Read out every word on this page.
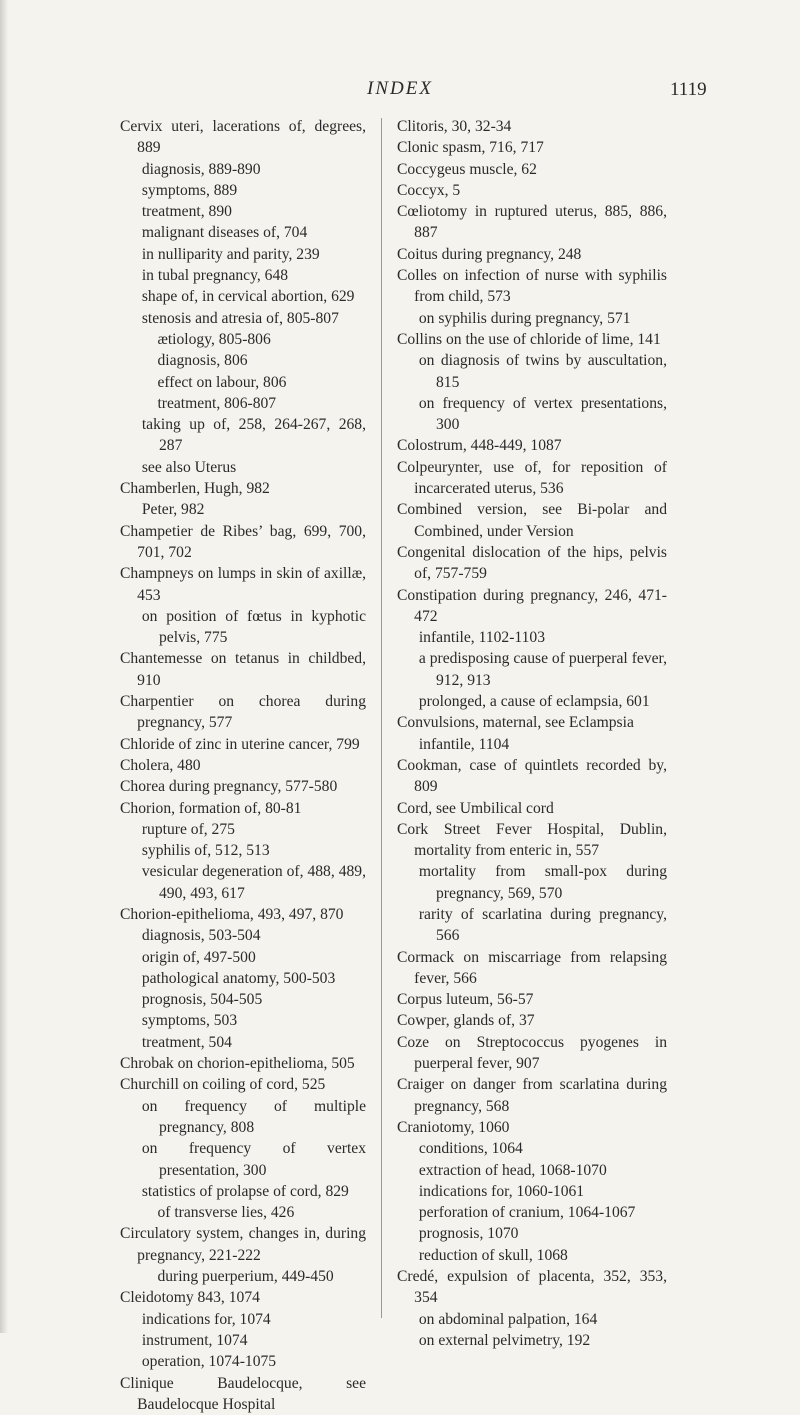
INDEX	1119

Cervix uteri, lacerations of, degrees, 889

diagnosis, 889-890

symptoms, 889

treatment, 890

malignant diseases of, 704

in nulliparity and parity, 239

in tubal pregnancy, 648

shape of, in cervical abortion, 629

stenosis and atresia of, 805-807

ætiology, 805-806

diagnosis, 806

effect on labour, 806

treatment, 806-807

taking up of, 258, 264-267, 268, 287

see also Uterus

Chamberlen, Hugh, 982

Peter, 982

Champetier de Ribes’ bag, 699, 700, 701, 702

Champneys on lumps in skin of axillæ, 453

on position of fœtus in kyphotic pelvis, 775

Chantemesse on tetanus in childbed, 910

Charpentier on chorea during pregnancy, 577

Chloride of zinc in uterine cancer, 799

Cholera, 480

Chorea during pregnancy, 577-580

Chorion, formation of, 80-81

rupture of, 275

syphilis of, 512, 513

vesicular degeneration of, 488, 489, 490, 493, 617

Chorion-epithelioma, 493, 497, 870

diagnosis, 503-504

origin of, 497-500

pathological anatomy, 500-503

prognosis, 504-505

symptoms, 503

treatment, 504

Chrobak on chorion-epithelioma, 505

Churchill on coiling of cord, 525

on frequency of multiple pregnancy, 808

on frequency of vertex presentation, 300

statistics of prolapse of cord, 829

of transverse lies, 426

Circulatory system, changes in, during pregnancy, 221-222

during puerperium, 449-450

Cleidotomy 843, 1074

indications for, 1074

instrument, 1074

operation, 1074-1075

Clinique Baudelocque, see Baudelocque Hospital

Clitoris, 30, 32-34

Clonic spasm, 716, 717

Coccygeus muscle, 62

Coccyx, 5

Cœliotomy in ruptured uterus, 885, 886, 887

Coitus during pregnancy, 248

Colles on infection of nurse with syphilis from child, 573

on syphilis during pregnancy, 571

Collins on the use of chloride of lime, 141

on diagnosis of twins by auscultation, 815

on frequency of vertex presentations, 300

Colostrum, 448-449, 1087

Colpeurynter, use of, for reposition of incarcerated uterus, 536

Combined version, see Bi-polar and Combined, under Version

Congenital dislocation of the hips, pelvis of, 757-759

Constipation during pregnancy, 246, 471-472

infantile, 1102-1103

a predisposing cause of puerperal fever, 912, 913

prolonged, a cause of eclampsia, 601

Convulsions, maternal, see Eclampsia

infantile, 1104

Cookman, case of quintlets recorded by, 809

Cord, see Umbilical cord

Cork Street Fever Hospital, Dublin, mortality from enteric in, 557

mortality from small-pox during pregnancy, 569, 570

rarity of scarlatina during pregnancy, 566

Cormack on miscarriage from relapsing fever, 566

Corpus luteum, 56-57

Cowper, glands of, 37

Coze on Streptococcus pyogenes in puerperal fever, 907

Craiger on danger from scarlatina during pregnancy, 568

Craniotomy, 1060

conditions, 1064

extraction of head, 1068-1070

indications for, 1060-1061

perforation of cranium, 1064-1067

prognosis, 1070

reduction of skull, 1068

Credé, expulsion of placenta, 352, 353, 354

on abdominal palpation, 164

on external pelvimetry, 192
